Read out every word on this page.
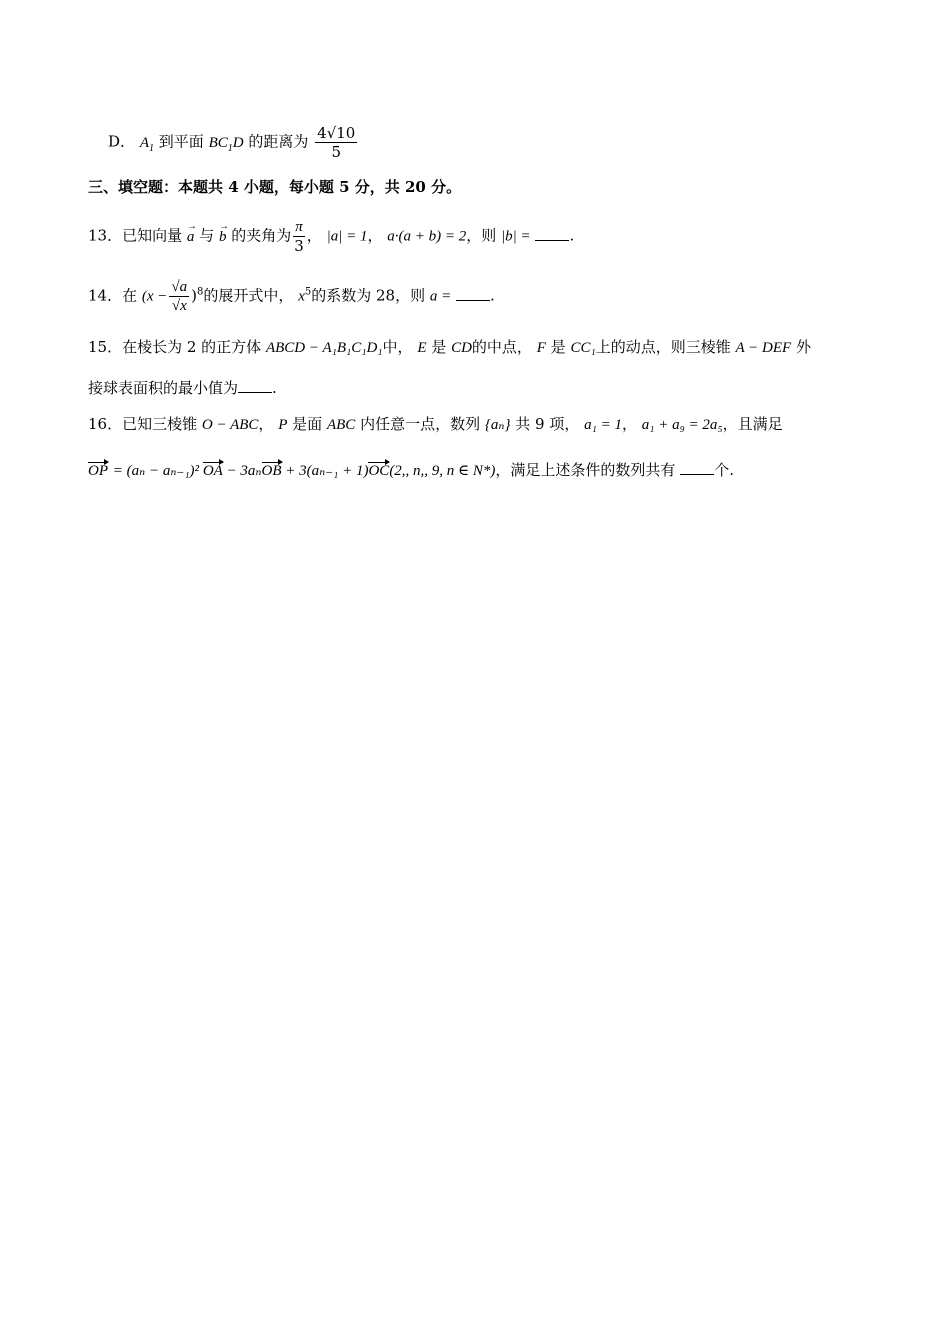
D． $A_1$ 到平面 $BC_1D$ 的距离为 $\frac{4√10}{5}$
三、填空题：本题共 4 小题，每小题 5 分，共 20 分。
13．已知向量 → a 与 → b 的夹角为 $\frac{\pi}{3}$ ， |a| = 1， a·(a + b) = 2，则 |b| =	.
14．在 $(x - \frac{√a}{√x} )^8$的展开式中， $x^5$的系数为 28，则 a =	.
15．在棱长为 2 的正方体 ABCD − A₁B₁C₁D₁中， E 是 CD的中点， F 是 CC₁上的动点，则三棱锥 A − DEF 外
接球表面积的最小值为 .
16．已知三棱锥 O − ABC， P 是面 ABC 内任意一点，数列 {aₙ} 共 9 项， a₁ = 1， a₁ + a₉ = 2a₅，且满足
OP = (aₙ − aₙ₋₁)² OA − 3aₙOB + 3(aₙ₋₁ + 1)OC(2,, n,, 9, n ∈ N*)，满足上述条件的数列共有	个.
